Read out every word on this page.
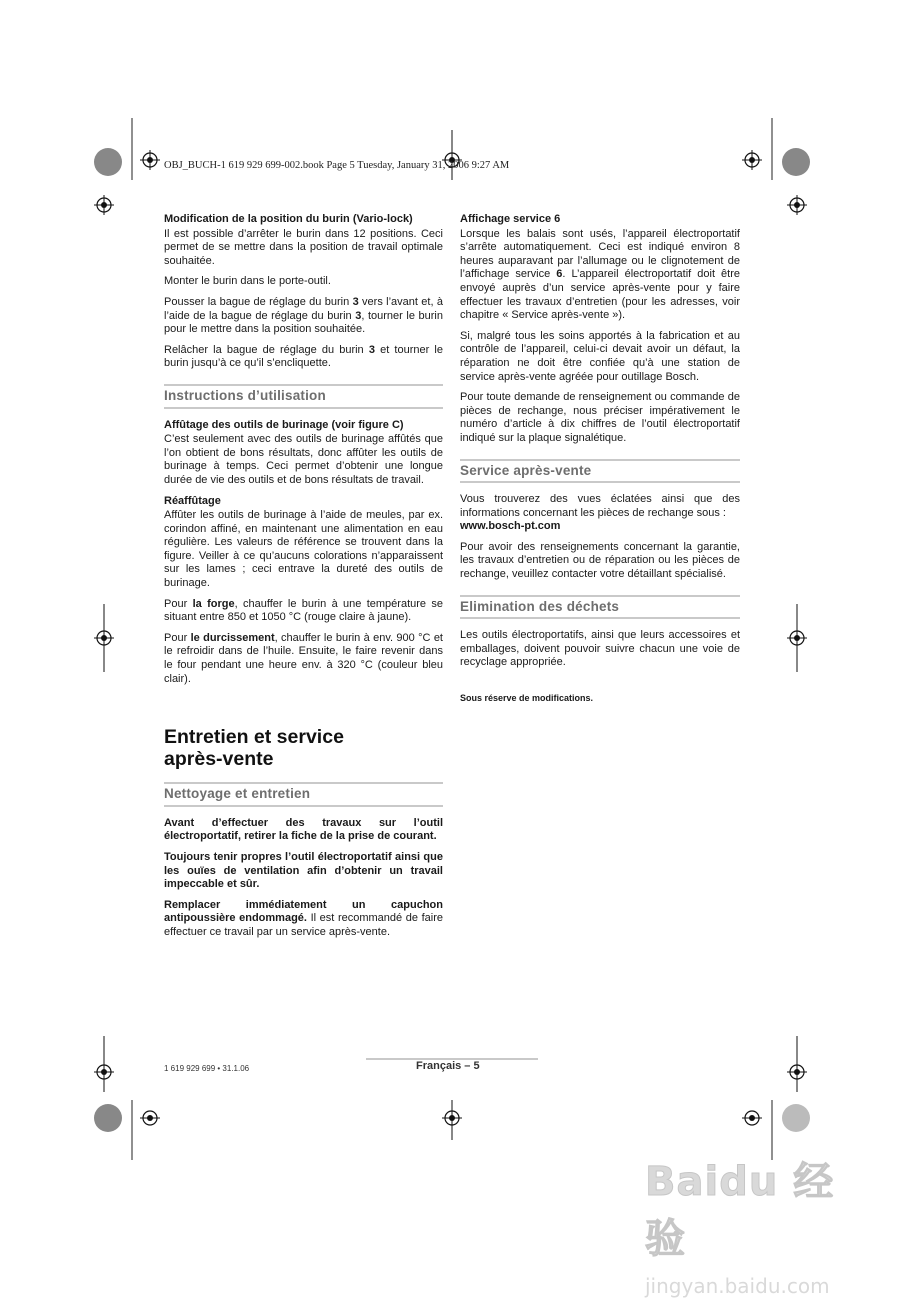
OBJ_BUCH-1 619 929 699-002.book Page 5 Tuesday, January 31, 2006 9:27 AM
Modification de la position du burin (Vario-lock)

Il est possible d’arrêter le burin dans 12 positions. Ceci permet de se mettre dans la position de travail optimale souhaitée.

Monter le burin dans le porte-outil.

Pousser la bague de réglage du burin 3 vers l’avant et, à l’aide de la bague de réglage du burin 3, tourner le burin pour le mettre dans la position souhaitée.

Relâcher la bague de réglage du burin 3 et tourner le burin jusqu’à ce qu’il s’encliquette.

Instructions d’utilisation
Affûtage des outils de burinage (voir figure C)

C’est seulement avec des outils de burinage affûtés que l’on obtient de bons résultats, donc affûter les outils de burinage à temps. Ceci permet d’obtenir une longue durée de vie des outils et de bons résultats de travail.

Réaffûtage

Affûter les outils de burinage à l’aide de meules, par ex. corindon affiné, en maintenant une alimentation en eau régulière. Les valeurs de référence se trouvent dans la figure. Veiller à ce qu’aucuns colorations n’apparaissent sur les lames ; ceci entrave la dureté des outils de burinage.

Pour la forge, chauffer le burin à une température se situant entre 850 et 1050 °C (rouge claire à jaune).

Pour le durcissement, chauffer le burin à env. 900 °C et le refroidir dans de l’huile. Ensuite, le faire revenir dans le four pendant une heure env. à 320 °C (couleur bleu clair).

Entretien et service
après-vente
Nettoyage et entretien

Avant d’effectuer des travaux sur l’outil électroportatif, retirer la fiche de la prise de courant.

Toujours tenir propres l’outil électroportatif ainsi que les ouïes de ventilation afin d’obtenir un travail impeccable et sûr.

Remplacer immédiatement un capuchon antipoussière endommagé. Il est recommandé de faire effectuer ce travail par un service après-vente.

Affichage service 6

Lorsque les balais sont usés, l’appareil électroportatif s’arrête automatiquement. Ceci est indiqué environ 8 heures auparavant par l’allumage ou le clignotement de l’affichage service 6. L’appareil électroportatif doit être envoyé auprès d’un service après-vente pour y faire effectuer les travaux d’entretien (pour les adresses, voir chapitre « Service après-vente »).

Si, malgré tous les soins apportés à la fabrication et au contrôle de l’appareil, celui-ci devait avoir un défaut, la réparation ne doit être confiée qu’à une station de service après-vente agréée pour outillage Bosch.

Pour toute demande de renseignement ou commande de pièces de rechange, nous préciser impérativement le numéro d’article à dix chiffres de l’outil électroportatif indiqué sur la plaque signalétique.

Service après-vente

Vous trouverez des vues éclatées ainsi que des informations concernant les pièces de rechange sous :
www.bosch-pt.com

Pour avoir des renseignements concernant la garantie, les travaux d’entretien ou de réparation ou les pièces de rechange, veuillez contacter votre détaillant spécialisé.

Elimination des déchets

Les outils électroportatifs, ainsi que leurs accessoires et emballages, doivent pouvoir suivre chacun une voie de recyclage appropriée.

Sous réserve de modifications.
1 619 929 699 • 31.1.06	Français – 5
Baidu 经验
jingyan.baidu.com
